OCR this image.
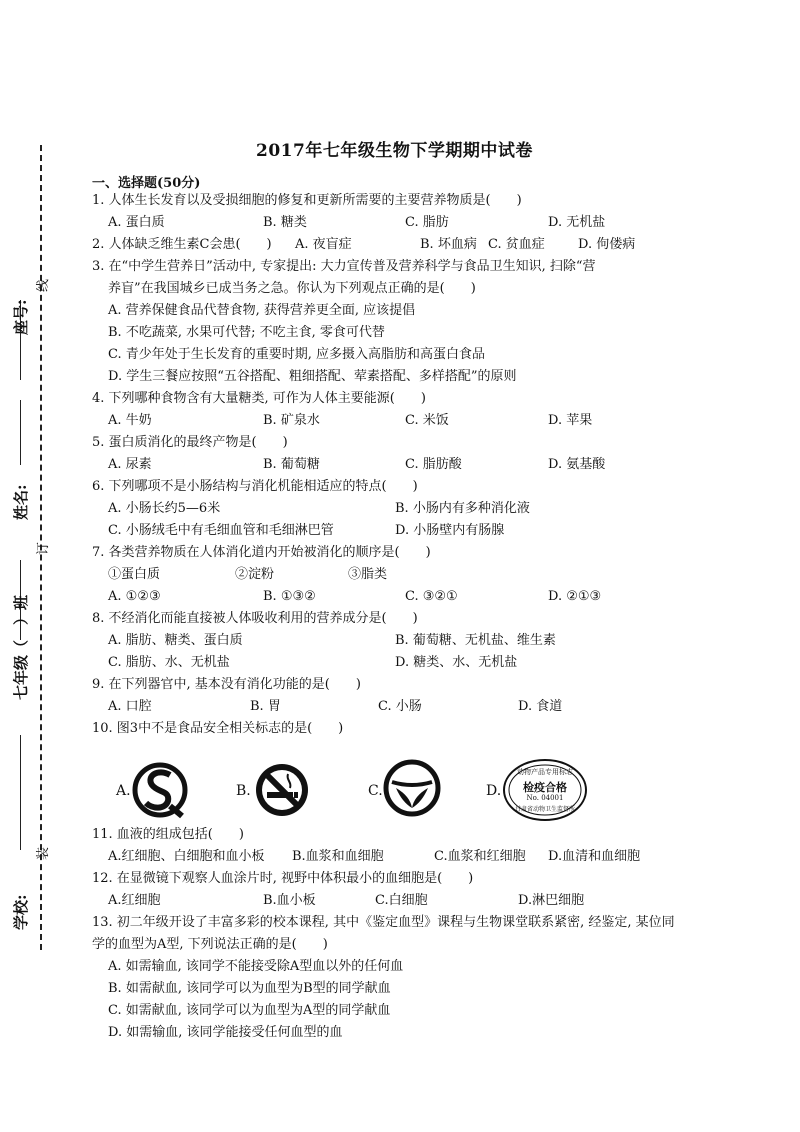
座号:
线
姓名:
订
七年级（　）班
装
学校:
2017年七年级生物下学期期中试卷
一、选择题(50分)
1. 人体生长发育以及受损细胞的修复和更新所需要的主要营养物质是(　　)
A. 蛋白质	B. 糖类	C. 脂肪	D. 无机盐
2. 人体缺乏维生素C会患(　　) A. 夜盲症	B. 坏血病 C. 贫血症	D. 佝偻病
3. 在“中学生营养日”活动中, 专家提出: 大力宣传普及营养科学与食品卫生知识, 扫除“营
养盲”在我国城乡已成当务之急。你认为下列观点正确的是(　　)
A. 营养保健食品代替食物, 获得营养更全面, 应该提倡
B. 不吃蔬菜, 水果可代替; 不吃主食, 零食可代替
C. 青少年处于生长发育的重要时期, 应多摄入高脂肪和高蛋白食品
D. 学生三餐应按照“五谷搭配、粗细搭配、荤素搭配、多样搭配”的原则
4. 下列哪种食物含有大量糖类, 可作为人体主要能源(　　)
A. 牛奶	B. 矿泉水	C. 米饭	D. 苹果
5. 蛋白质消化的最终产物是(　　)
A. 尿素	B. 葡萄糖	C. 脂肪酸	D. 氨基酸
6. 下列哪项不是小肠结构与消化机能相适应的特点(　　)
A. 小肠长约5—6米	B. 小肠内有多种消化液
C. 小肠绒毛中有毛细血管和毛细淋巴管	D. 小肠壁内有肠腺
7. 各类营养物质在人体消化道内开始被消化的顺序是(　　)
①蛋白质	②淀粉	③脂类
A. ①②③	B. ①③②	C. ③②①	D. ②①③
8. 不经消化而能直接被人体吸收利用的营养成分是(　　)
A. 脂肪、糖类、蛋白质	B. 葡萄糖、无机盐、维生素
C. 脂肪、水、无机盐	D. 糖类、水、无机盐
9. 在下列器官中, 基本没有消化功能的是(　　)
A. 口腔	B. 胃	C. 小肠	D. 食道
10. 图3中不是食品安全相关标志的是(　　)
A.	B.	C.	D.
动物产品专用标志
检疫合格
No. 04001
甘肃省动物卫生监督所
11. 血液的组成包括(　　)
A.红细胞、白细胞和血小板 B.血浆和血细胞	C.血浆和红细胞 D.血清和血细胞
12. 在显微镜下观察人血涂片时, 视野中体积最小的血细胞是(　　)
A.红细胞	B.血小板	C.白细胞	D.淋巴细胞
13. 初二年级开设了丰富多彩的校本课程, 其中《鉴定血型》课程与生物课堂联系紧密, 经鉴定, 某位同
学的血型为A型, 下列说法正确的是(　　)
A. 如需输血, 该同学不能接受除A型血以外的任何血
B. 如需献血, 该同学可以为血型为B型的同学献血
C. 如需献血, 该同学可以为血型为A型的同学献血
D. 如需输血, 该同学能接受任何血型的血
